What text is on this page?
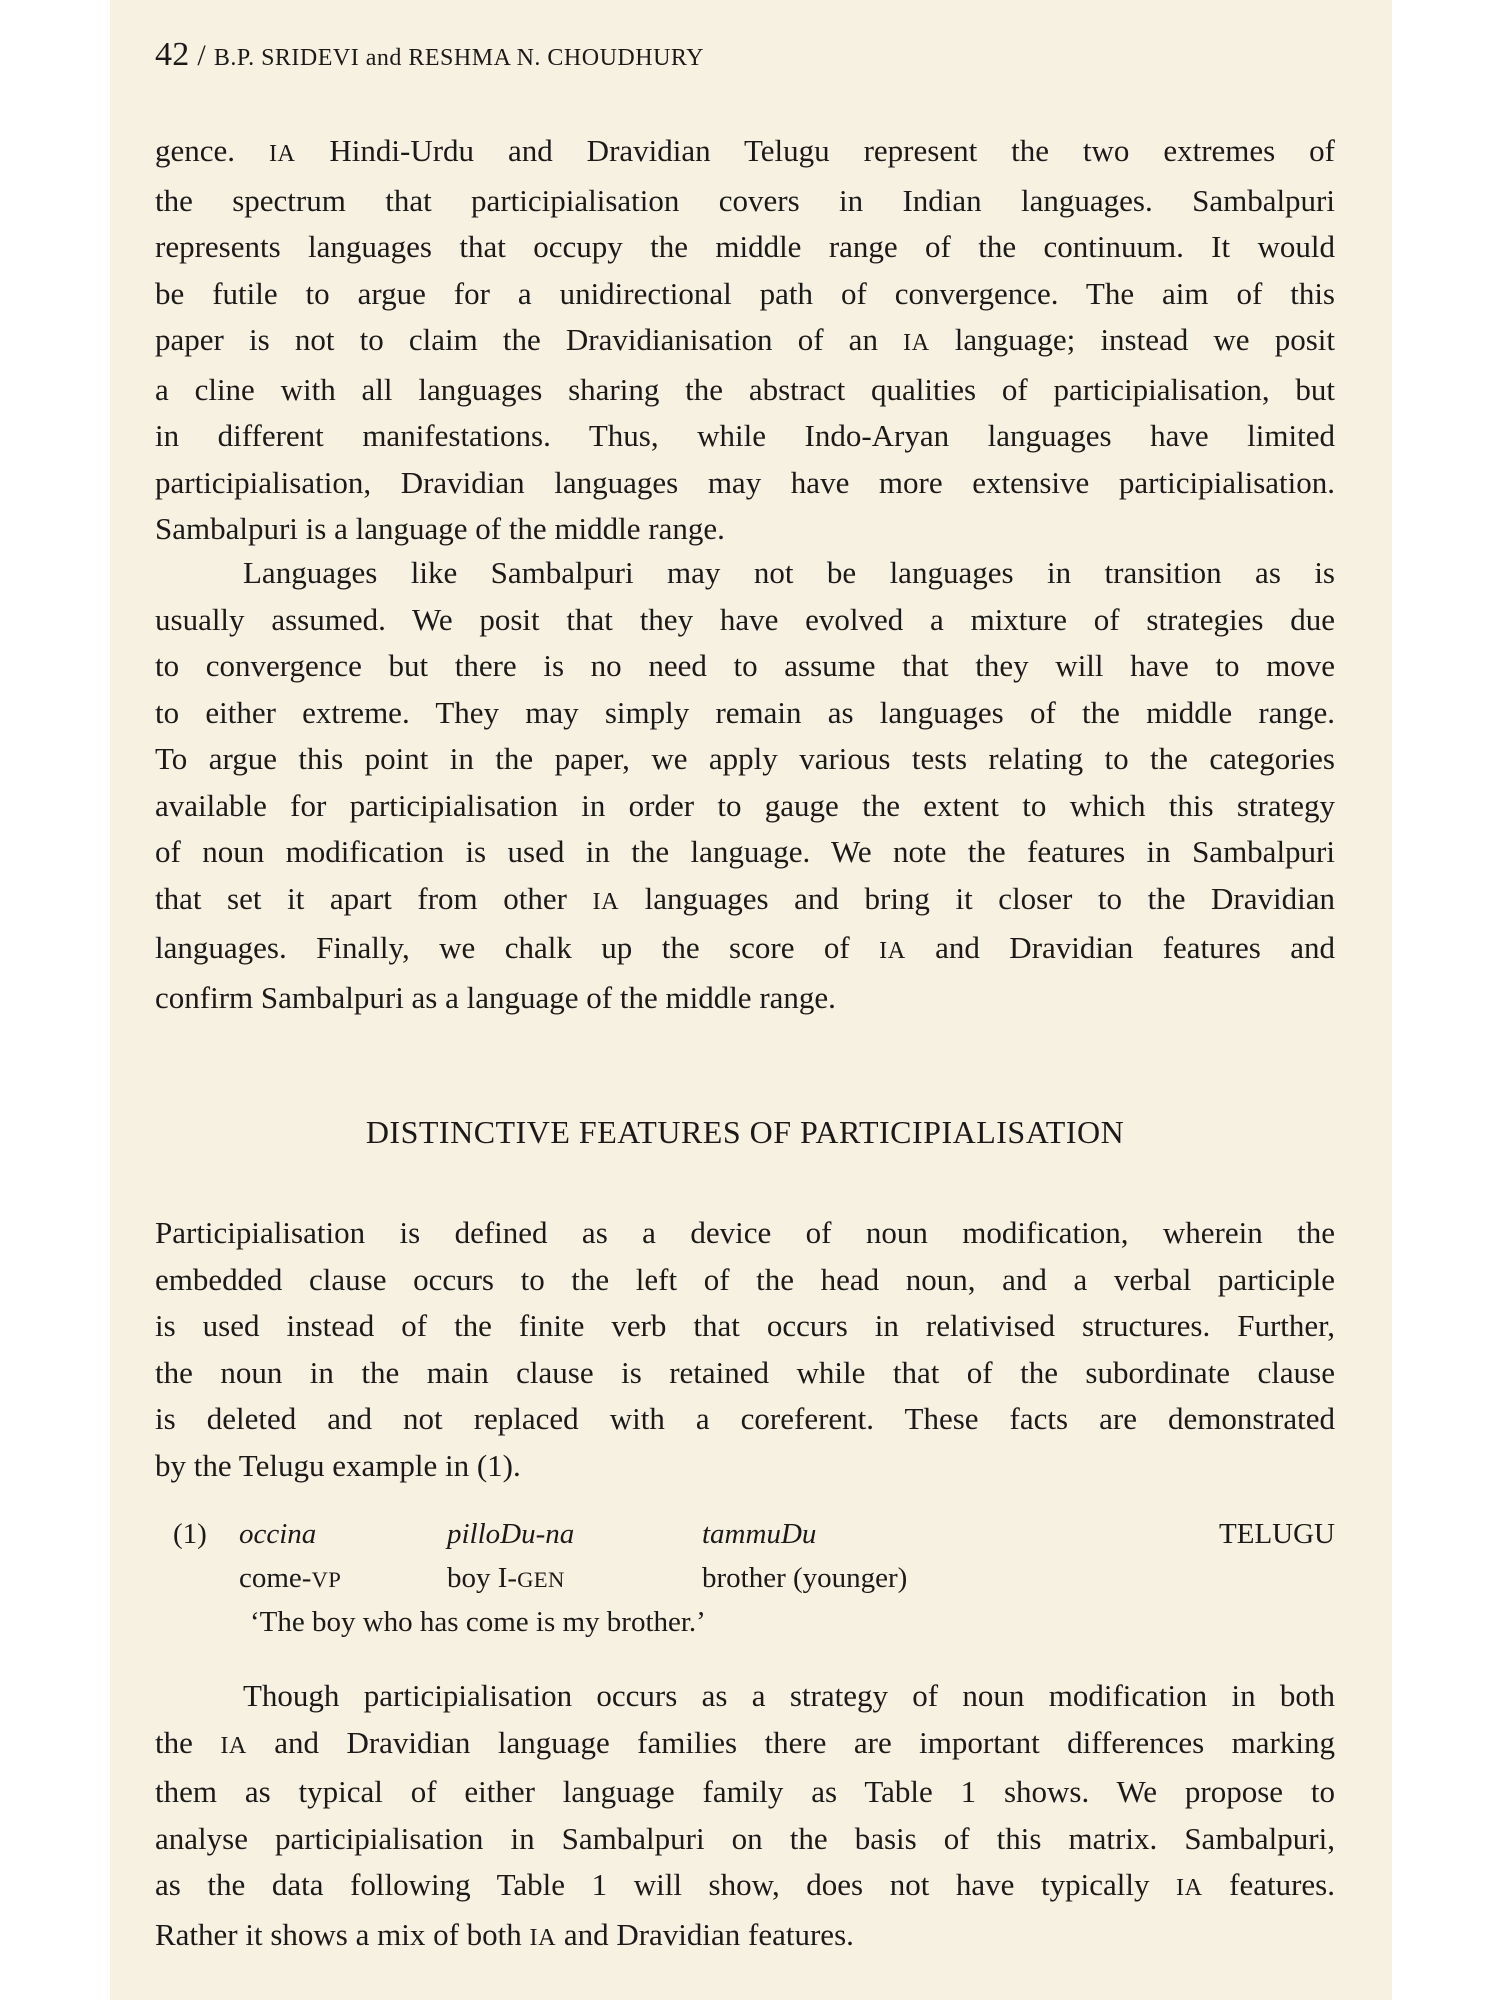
42 / B.P. SRIDEVI and RESHMA N. CHOUDHURY

gence. IA Hindi-Urdu and Dravidian Telugu represent the two extremes of

the spectrum that participialisation covers in Indian languages. Sambalpuri

represents languages that occupy the middle range of the continuum. It would

be futile to argue for a unidirectional path of convergence. The aim of this

paper is not to claim the Dravidianisation of an IA language; instead we posit

a cline with all languages sharing the abstract qualities of participialisation, but

in different manifestations. Thus, while Indo-Aryan languages have limited

participialisation, Dravidian languages may have more extensive participialisation.

Sambalpuri is a language of the middle range.

Languages like Sambalpuri may not be languages in transition as is

usually assumed. We posit that they have evolved a mixture of strategies due

to convergence but there is no need to assume that they will have to move

to either extreme. They may simply remain as languages of the middle range.

To argue this point in the paper, we apply various tests relating to the categories

available for participialisation in order to gauge the extent to which this strategy

of noun modification is used in the language. We note the features in Sambalpuri

that set it apart from other IA languages and bring it closer to the Dravidian

languages. Finally, we chalk up the score of IA and Dravidian features and

confirm Sambalpuri as a language of the middle range.

DISTINCTIVE FEATURES OF PARTICIPIALISATION

Participialisation is defined as a device of noun modification, wherein the

embedded clause occurs to the left of the head noun, and a verbal participle

is used instead of the finite verb that occurs in relativised structures. Further,

the noun in the main clause is retained while that of the subordinate clause

is deleted and not replaced with a coreferent. These facts are demonstrated

by the Telugu example in (1).

(1) occina	pilloDu-na	tammuDu	TELUGU
come-VP	boy I-GEN	brother (younger)
‘The boy who has come is my brother.’

Though participialisation occurs as a strategy of noun modification in both

the IA and Dravidian language families there are important differences marking

them as typical of either language family as Table 1 shows. We propose to

analyse participialisation in Sambalpuri on the basis of this matrix. Sambalpuri,

as the data following Table 1 will show, does not have typically IA features.

Rather it shows a mix of both IA and Dravidian features.
